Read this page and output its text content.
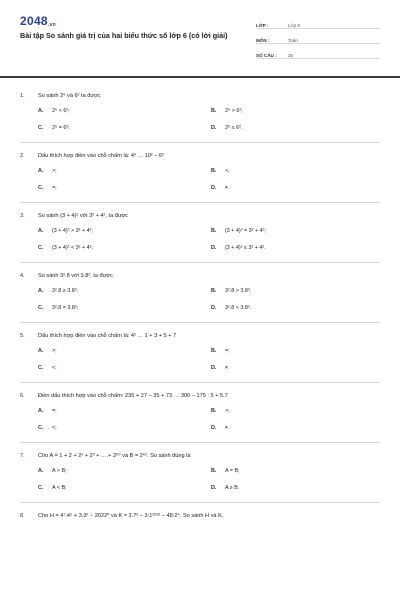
$2048_{.vn}$
Bài tập So sánh giá trị của hai biểu thức số lớp 6 (có lời giải)
LỚP :	Lớp 6
MÔN :	Toán
SỐ CÂU :	25
1.	So sánh 2⁶ và 6² ta được
A.	2⁶ < 6²;	B.	2⁶ > 6²;
C.	2⁶ = 6²;	D.	2⁶ ≤ 6².
2.	Dấu thích hợp điền vào chỗ chấm là: 4³ … 10² − 6²
A.	>;	B.	<;
C.	=;	D.	≠.
3.	So sánh (3 + 4)² với 3² + 4², ta được
A.	(3 + 4)² > 3² + 4²;	B.	(3 + 4)² = 3² + 4²;
C.	(3 + 4)² < 3² + 4²;	D.	(3 + 4)² ≤ 3² + 4².
4.	So sánh 3².8 với 3.8², ta được
A.	3².8 ≥ 3.8²;	B.	3².8 > 3.8²;
C.	3².8 = 3.8²;	D.	3².8 < 3.8².
5.	Dấu thích hợp điền vào chỗ chấm là: 4² … 1 + 3 + 5 + 7
A.	>;	B.	=;
C.	<;	D.	≠.
6.	Điền dấu thích hợp vào chỗ chấm: 235 + 27 − 35 + 73 … 300 − 175 : 5 + 5.7
A.	=;	B.	>;
C.	<;	D.	≠.
7.	Cho A = 1 + 2 + 2² + 2³ + ….+ 2⁶⁰ và B = 2⁶¹. So sánh đúng là
A.	A > B;	B.	A = B;
C.	A < B;	D.	A ≥ B.
8.	Cho H = 4⁷.4⁵ + 3.3² − 2022⁰ và K = 3.7² − 3:1²⁰²² − 48:2⁴. So sánh H và K.
